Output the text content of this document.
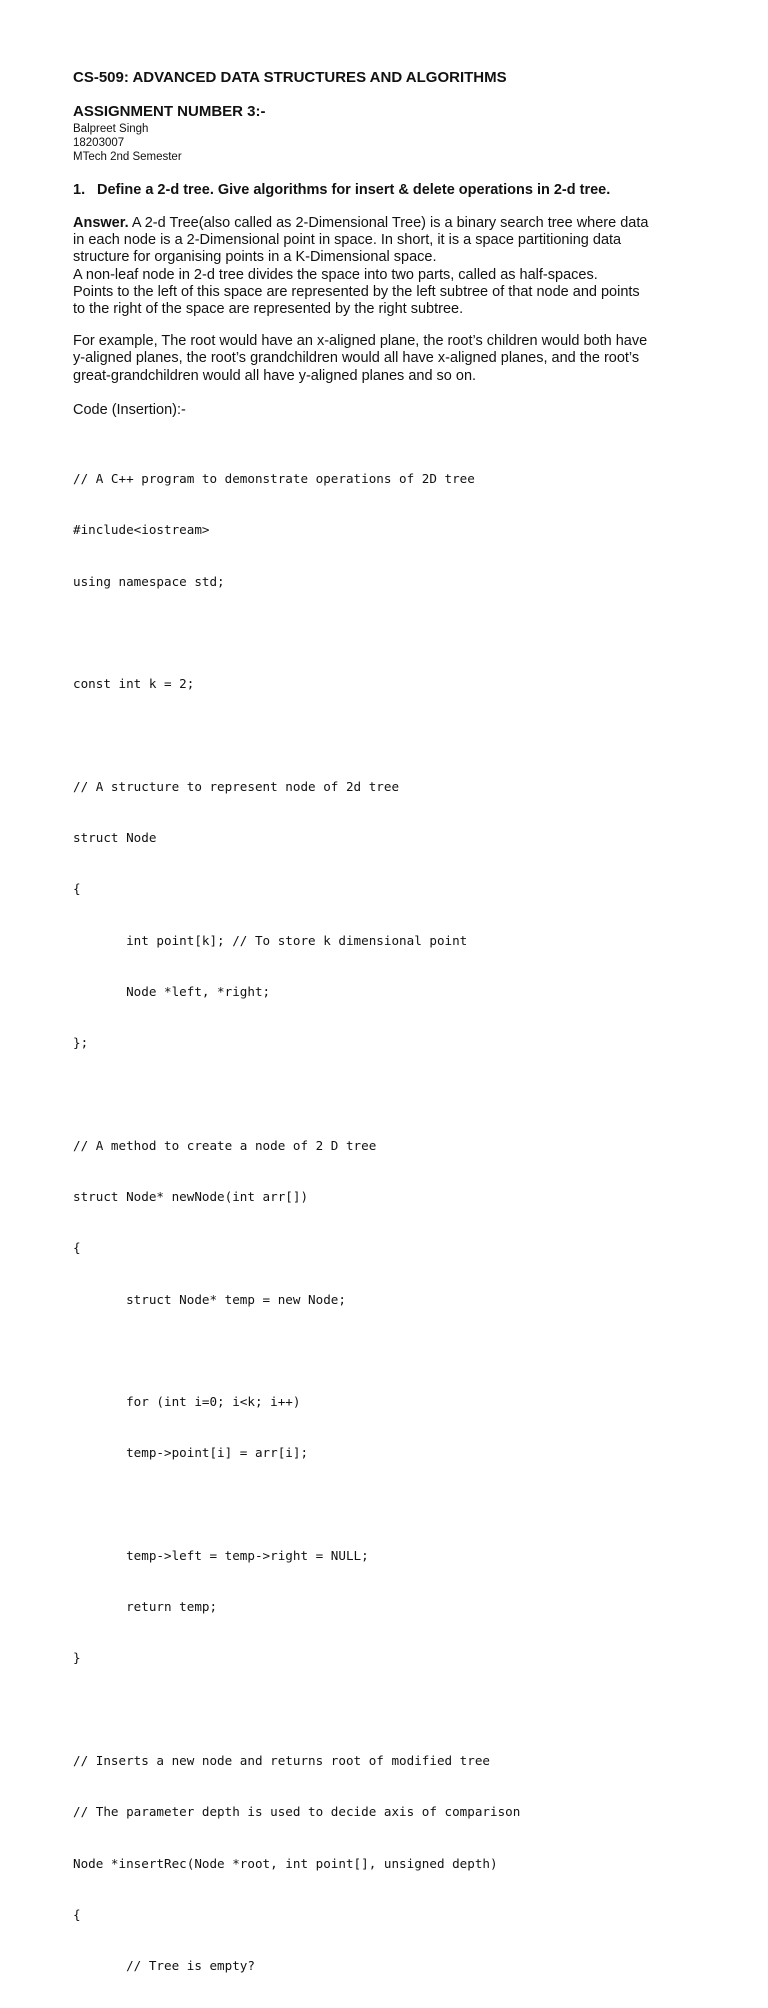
CS-509: ADVANCED DATA STRUCTURES AND ALGORITHMS
ASSIGNMENT NUMBER 3:-

Balpreet Singh

18203007

MTech 2nd Semester

1. Define a 2-d tree. Give algorithms for insert & delete operations in 2-d tree.

Answer. A 2-d Tree(also called as 2-Dimensional Tree) is a binary search tree where data

in each node is a 2-Dimensional point in space. In short, it is a space partitioning data

structure for organising points in a K-Dimensional space.

A non-leaf node in 2-d tree divides the space into two parts, called as half-spaces.

Points to the left of this space are represented by the left subtree of that node and points

to the right of the space are represented by the right subtree.

For example, The root would have an x-aligned plane, the root’s children would both have

y-aligned planes, the root’s grandchildren would all have x-aligned planes, and the root’s

great-grandchildren would all have y-aligned planes and so on.

Code (Insertion):-

// A C++ program to demonstrate operations of 2D tree

#include<iostream>

using namespace std;

const int k = 2;

// A structure to represent node of 2d tree

struct Node

{

int point[k]; // To store k dimensional point

Node *left, *right;

};

// A method to create a node of 2 D tree

struct Node* newNode(int arr[])

{

struct Node* temp = new Node;

for (int i=0; i<k; i++)

temp->point[i] = arr[i];

temp->left = temp->right = NULL;

return temp;

}

// Inserts a new node and returns root of modified tree

// The parameter depth is used to decide axis of comparison

Node *insertRec(Node *root, int point[], unsigned depth)

{

// Tree is empty?
